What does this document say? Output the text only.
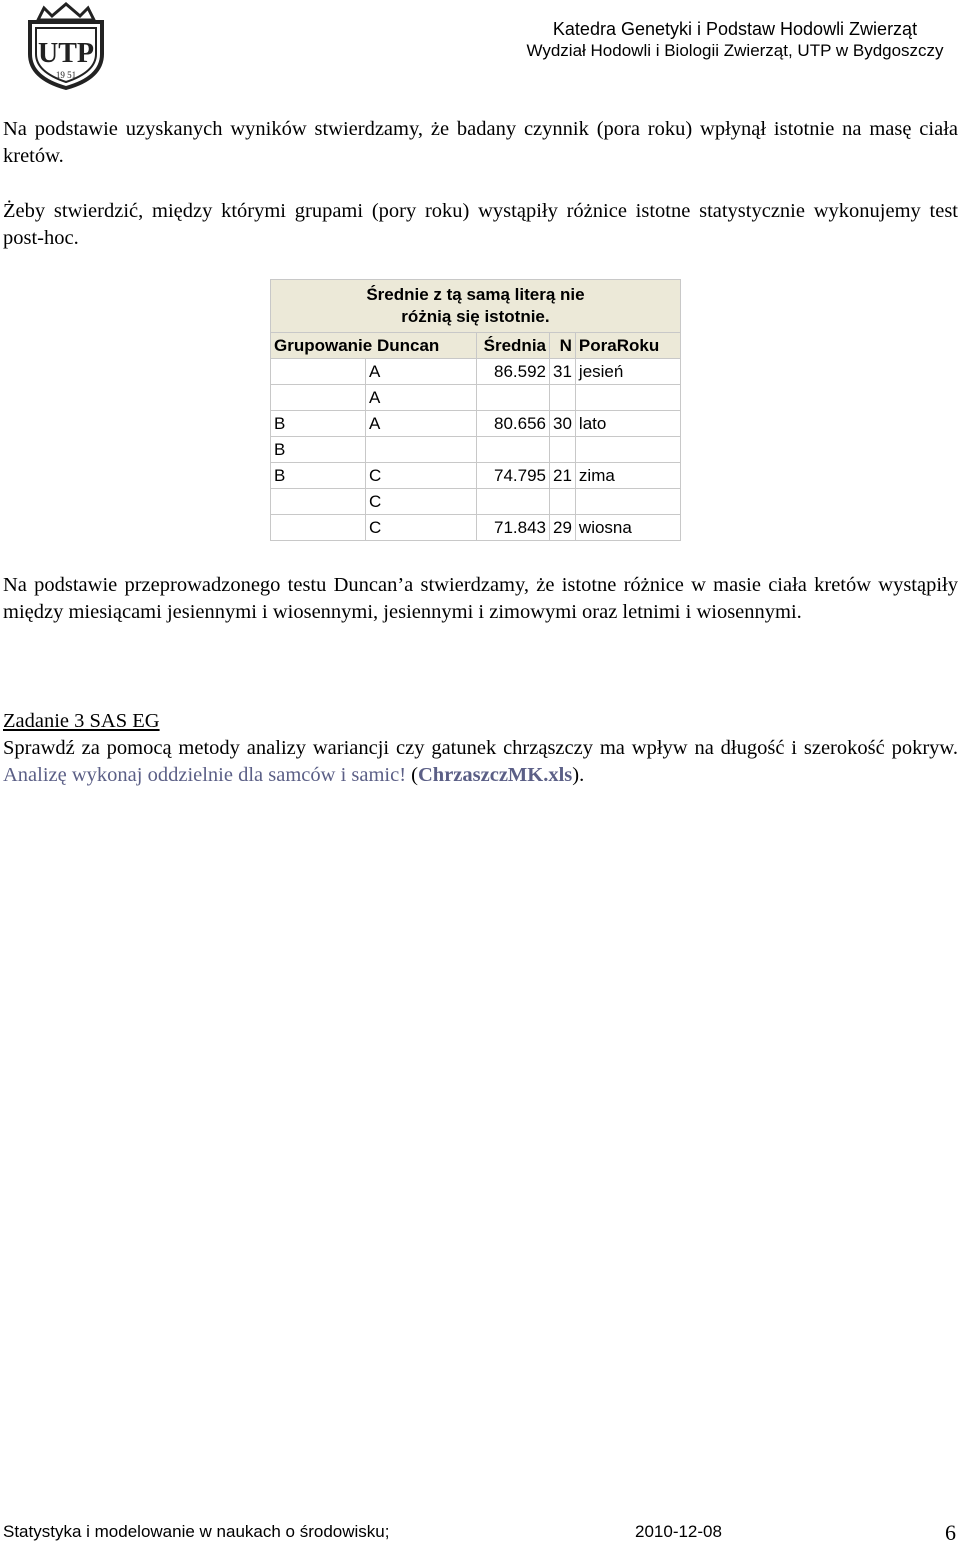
UTP
19 51
Katedra Genetyki i Podstaw Hodowli Zwierząt
Wydział Hodowli i Biologii Zwierząt, UTP w Bydgoszczy
Na podstawie uzyskanych wyników stwierdzamy, że badany czynnik (pora roku) wpłynął istotnie na masę ciała kretów.
Żeby stwierdzić, między którymi grupami (pory roku) wystąpiły różnice istotne statystycznie wykonujemy test post-hoc.
Średnie z tą samą literą nie
różnią się istotnie.				
Grupowanie Duncan		Średnia	N	PoraRoku
	A	86.592	31	jesień
	A			
B	A	80.656	30	lato
B				
B	C	74.795	21	zima
	C			
	C	71.843	29	wiosna
Na podstawie przeprowadzonego testu Duncan’a stwierdzamy, że istotne różnice w masie ciała kretów wystąpiły między miesiącami jesiennymi i wiosennymi, jesiennymi i zimowymi oraz letnimi i wiosennymi.
Zadanie 3 SAS EG
Sprawdź za pomocą metody analizy wariancji czy gatunek chrząszczy ma wpływ na długość i szerokość pokryw. Analizę wykonaj oddzielnie dla samców i samic! (ChrzaszczMK.xls).
Statystyka i modelowanie w naukach o środowisku;	2010-12-08	6
